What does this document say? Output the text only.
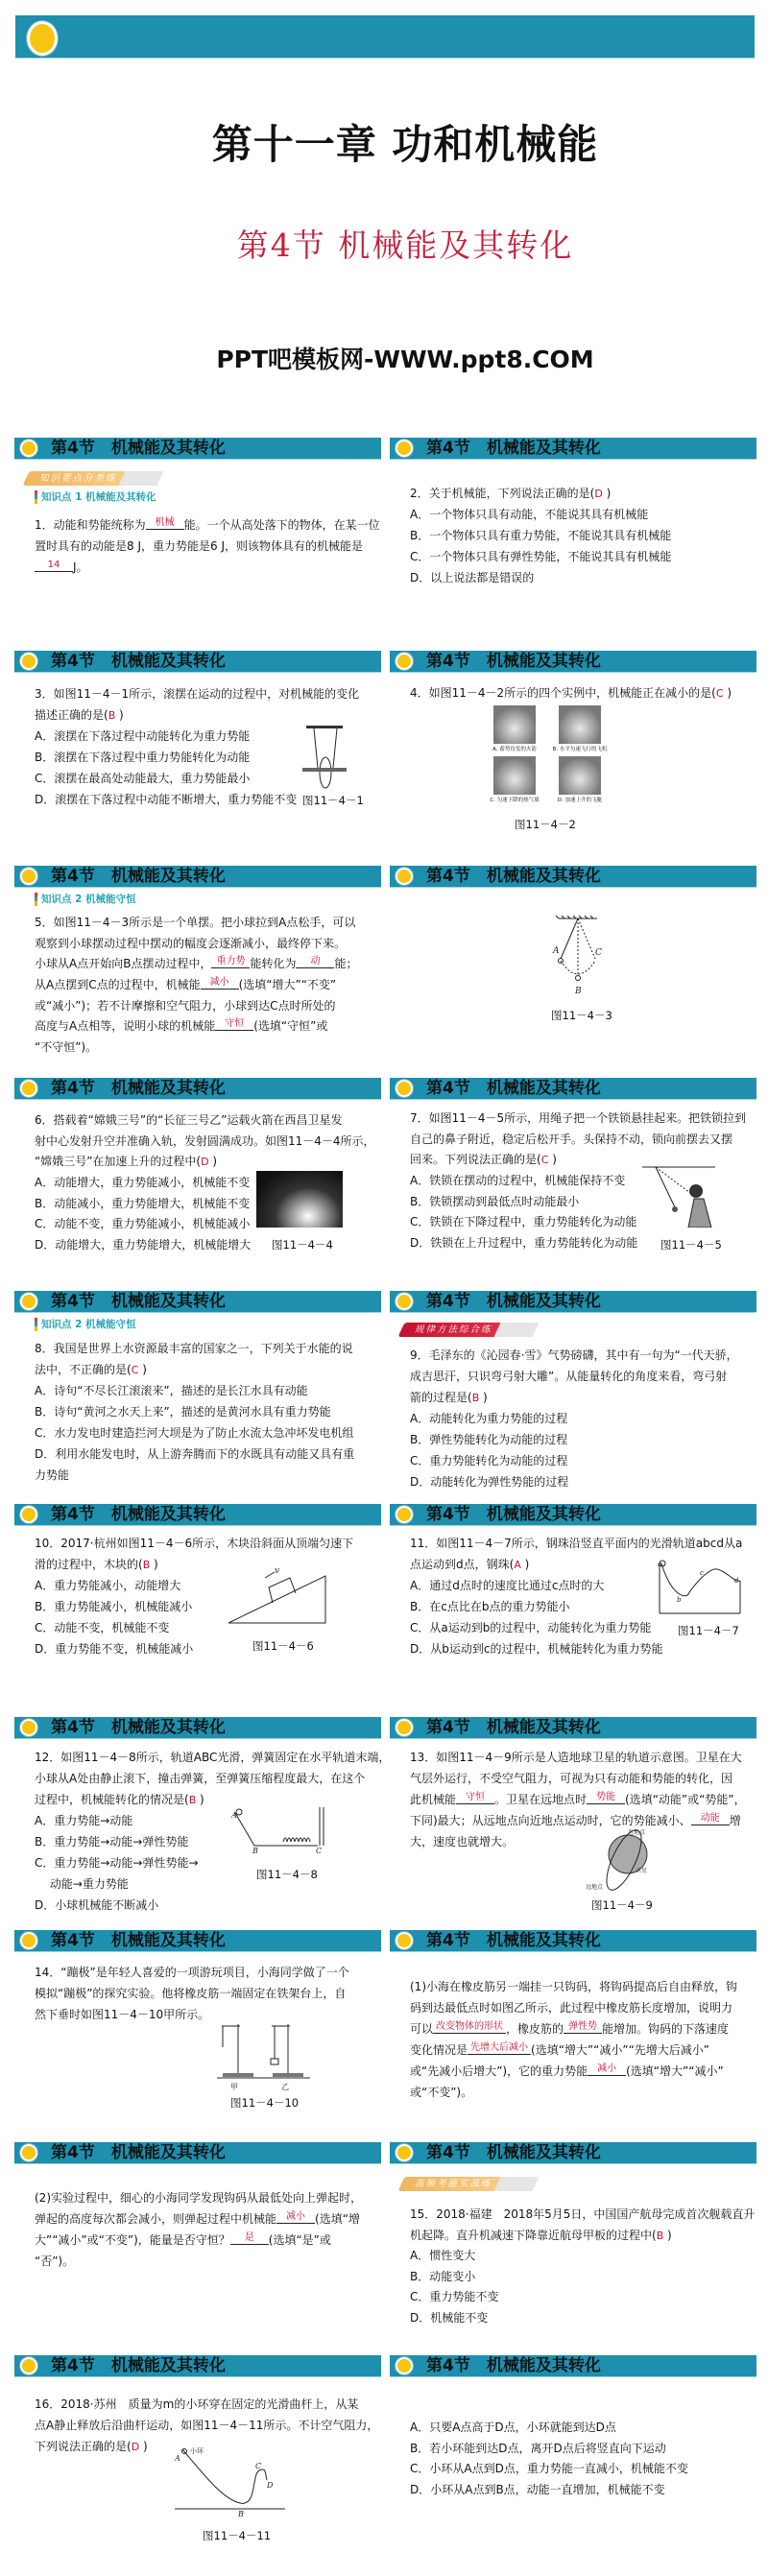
第十一章 功和机械能
第4节 机械能及其转化
PPT吧模板网-WWW.ppt8.COM
第4节　机械能及其转化
知识要点分类练
知识点 1 机械能及其转化
1．动能和势能统称为 机械 能。一个从高处落下的物体，在某一位
置时具有的动能是8 J，重力势能是6 J，则该物体具有的机械能是
14 J。
第4节　机械能及其转化
2．关于机械能，下列说法正确的是(D )
A．一个物体只具有动能，不能说其具有机械能
B．一个物体只具有重力势能，不能说其具有机械能
C．一个物体只具有弹性势能，不能说其具有机械能
D．以上说法都是错误的
第4节　机械能及其转化
3．如图11－4－1所示，滚摆在运动的过程中，对机械能的变化
描述正确的是(B )
A．滚摆在下落过程中动能转化为重力势能
B．滚摆在下落过程中重力势能转化为动能
C．滚摆在最高处动能最大，重力势能最小
D．滚摆在下落过程中动能不断增大，重力势能不变 图11－4－1
第4节　机械能及其转化
4．如图11－4－2所示的四个实例中，机械能正在减小的是(C )
A. 蓄势待发的火箭	B. 水平匀速飞行的飞机
C. 匀速下降的热气球	D. 加速上升的飞艇
图11－4－2
第4节　机械能及其转化
知识点 2 机械能守恒
5．如图11－4－3所示是一个单摆。把小球拉到A点松手，可以
观察到小球摆动过程中摆动的幅度会逐渐减小，最终停下来。
小球从A点开始向B点摆动过程中， 重力势 能转化为 动 能；
从A点摆到C点的过程中，机械能 减小 (选填“增大”“不变”
或“减小”)；若不计摩擦和空气阻力，小球到达C点时所处的
高度与A点相等，说明小球的机械能 守恒 (选填“守恒”或
“不守恒”)。
第4节　机械能及其转化
A
B
C
图11－4－3
第4节　机械能及其转化
6．搭载着“嫦娥三号”的“长征三号乙”运载火箭在西昌卫星发
射中心发射升空并准确入轨，发射圆满成功。如图11－4－4所示，
“嫦娥三号”在加速上升的过程中(D )
A．动能增大，重力势能减小，机械能不变
B．动能减小，重力势能增大，机械能不变
C．动能不变，重力势能减小，机械能减小
D．动能增大，重力势能增大，机械能增大	图11－4－4
第4节　机械能及其转化
7．如图11－4－5所示，用绳子把一个铁锁悬挂起来。把铁锁拉到
自己的鼻子附近，稳定后松开手。头保持不动，锁向前摆去又摆
回来。下列说法正确的是(C )
A．铁锁在摆动的过程中，机械能保持不变
B．铁锁摆动到最低点时动能最小
C．铁锁在下降过程中，重力势能转化为动能
D．铁锁在上升过程中，重力势能转化为动能	图11－4－5
第4节　机械能及其转化
知识点 2 机械能守恒
8．我国是世界上水资源最丰富的国家之一，下列关于水能的说
法中，不正确的是(C )
A．诗句“不尽长江滚滚来”，描述的是长江水具有动能
B．诗句“黄河之水天上来”，描述的是黄河水具有重力势能
C．水力发电时建造拦河大坝是为了防止水流太急冲坏发电机组
D．利用水能发电时，从上游奔腾而下的水既具有动能又具有重
力势能
第4节　机械能及其转化
规律方法综合练
9．毛泽东的《沁园春·雪》气势磅礴，其中有一句为“一代天骄，
成吉思汗，只识弯弓射大雕”。从能量转化的角度来看，弯弓射
箭的过程是(B )
A．动能转化为重力势能的过程
B．弹性势能转化为动能的过程
C．重力势能转化为动能的过程
D．动能转化为弹性势能的过程
第4节　机械能及其转化
10．2017·杭州如图11－4－6所示，木块沿斜面从顶端匀速下
滑的过程中，木块的(B )
A．重力势能减小，动能增大
B．重力势能减小，机械能减小
C．动能不变，机械能不变
D．重力势能不变，机械能减小
v
图11－4－6
第4节　机械能及其转化
11．如图11－4－7所示，钢珠沿竖直平面内的光滑轨道abcd从a
点运动到d点，钢珠(A )
A．通过d点时的速度比通过c点时的大
B．在c点比在b点的重力势能小
C．从a运动到b的过程中，动能转化为重力势能
D．从b运动到c的过程中，机械能转化为重力势能
a
b
c
d
图11－4－7
第4节　机械能及其转化
12．如图11－4－8所示，轨道ABC光滑，弹簧固定在水平轨道末端，
小球从A处由静止滚下，撞击弹簧，至弹簧压缩程度最大，在这个
过程中，机械能转化的情况是(B )
A．重力势能→动能
B．重力势能→动能→弹性势能
C．重力势能→动能→弹性势能→
　 动能→重力势能
D．小球机械能不断减小
A
B	C
图11－4－8
第4节　机械能及其转化
13．如图11－4－9所示是人造地球卫星的轨道示意图。卫星在大
气层外运行，不受空气阻力，可视为只有动能和势能的转化，因
此机械能 守恒 。卫星在远地点时 势能 (选填“动能”或“势能”，
下同)最大；从远地点向近地点运动时，它的势能减小、 动能 增
大，速度也就增大。
近地点
卫星
远地点
图11－4－9
第4节　机械能及其转化
14．“蹦极”是年轻人喜爱的一项游玩项目，小海同学做了一个
模拟“蹦极”的探究实验。他将橡皮筋一端固定在铁架台上，自
然下垂时如图11－4－10甲所示。
甲	乙
图11－4－10
第4节　机械能及其转化
(1)小海在橡皮筋另一端挂一只钩码，将钩码提高后自由释放，钩
码到达最低点时如图乙所示，此过程中橡皮筋长度增加，说明力
可以 改变物体的形状 ，橡皮筋的 弹性势 能增加。钩码的下落速度
变化情况是 先增大后减小 (选填“增大”“减小”“先增大后减小”
或“先减小后增大”)，它的重力势能 减小 (选填“增大”“减小”
或“不变”)。
第4节　机械能及其转化
(2)实验过程中，细心的小海同学发现钩码从最低处向上弹起时，
弹起的高度每次都会减小，则弹起过程中机械能 减小 (选填“增
大”“减小”或“不变”)，能量是否守恒？ 是 (选填“是”或
“否”)。
第4节　机械能及其转化
高频考题实战练
15．2018·福建　2018年5月5日，中国国产航母完成首次舰载直升
机起降。直升机减速下降靠近航母甲板的过程中(B )
A．惯性变大
B．动能变小
C．重力势能不变
D．机械能不变
第4节　机械能及其转化
16．2018·苏州　质量为m的小环穿在固定的光滑曲杆上，从某
点A静止释放后沿曲杆运动，如图11－4－11所示。不计空气阻力，
下列说法正确的是(D )	小环
A
B
C
D
图11－4－11
第4节　机械能及其转化
A．只要A点高于D点，小环就能到达D点
B．若小环能到达D点，离开D点后将竖直向下运动
C．小环从A点到D点，重力势能一直减小，机械能不变
D．小环从A点到B点，动能一直增加，机械能不变
